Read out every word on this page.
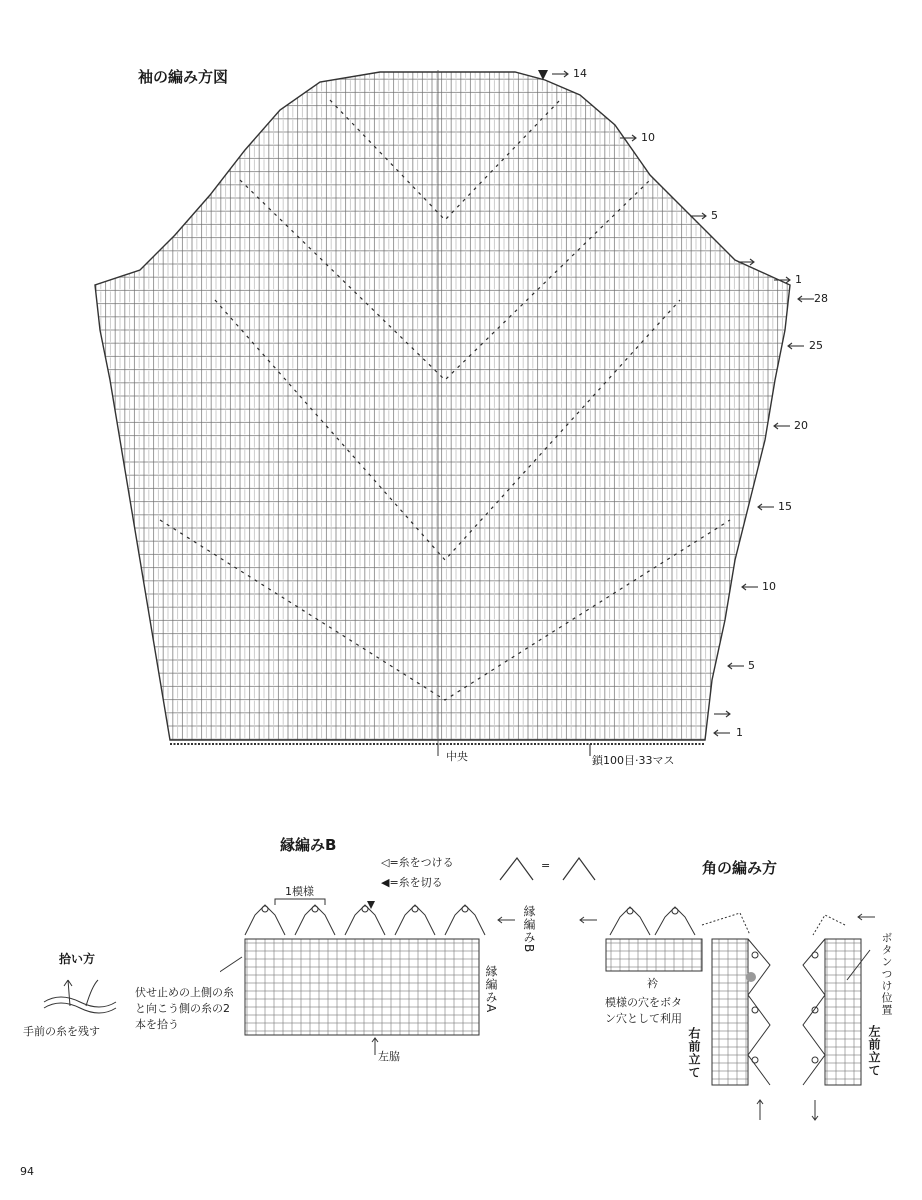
袖の編み方図	14
10
5
1
28
25
20
15
10
5
1
中央	鎖100目·33マス
縁編みB
1模様
縁編みB
縁編みA
左脇
◁=糸をつける
◀=糸を切る
=
拾い方
手前の糸を残す
伏せ止めの上側の糸と向こう側の糸の2本を拾う
角の編み方
衿
模様の穴をボタン穴として利用
右前立て	左前立て
ボタンつけ位置
94
